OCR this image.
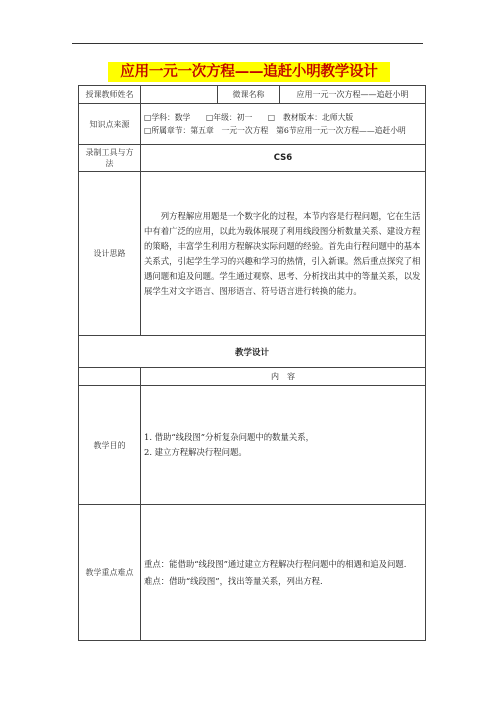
应用一元一次方程——追赶小明教学设计
授课教师姓名		微课名称	应用一元一次方程——追赶小明
知识点来源	□学科：数学　　□年级：初一　　□　教材版本：北师大版
□所属章节：第五章　一元一次方程　第6节应用一元一次方程——追赶小明		

录制工具与方法	CS6		
设计思路	列方程解应用题是一个数字化的过程，本节内容是行程问题，它在生活中有着广泛的应用，以此为载体展现了利用线段图分析数量关系、建设方程的策略，丰富学生利用方程解决实际问题的经验。首先由行程问题中的基本关系式，引起学生学习的兴趣和学习的热情，引入新课。然后重点探究了相遇问题和追及问题。学生通过观察、思考、分析找出其中的等量关系，以发展学生对文字语言、图形语言、符号语言进行转换的能力。		
教学设计			
	内　容		
教学目的	1. 借助“线段图”分析复杂问题中的数量关系，
2. 建立方程解决行程问题。		

教学重点难点	重点：能借助“线段图”通过建立方程解决行程问题中的相遇和追及问题.
难点：借助“线段图”，找出等量关系，列出方程.		
